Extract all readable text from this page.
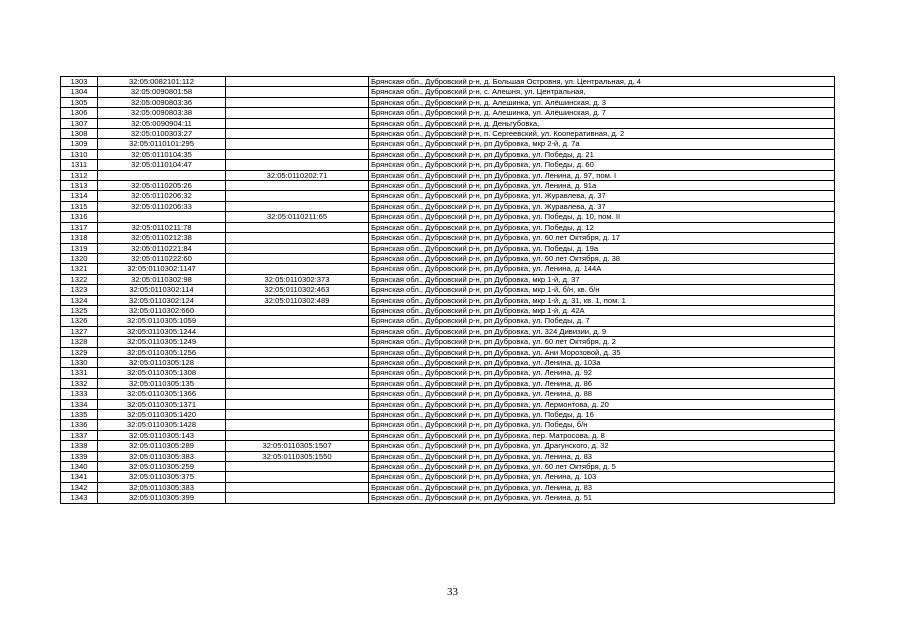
1303	32:05:0082101:112		Брянская обл., Дубровский р-н, д. Большая Островня, ул. Центральная, д. 4
1304	32:05:0090801:58		Брянская обл., Дубровский р-н, с. Алешня, ул. Центральная,
1305	32:05:0090803:36		Брянская обл., Дубровский р-н, д. Алешинка, ул. Алёшинская, д. 3
1306	32:05:0090803:38		Брянская обл., Дубровский р-н, д. Алешинка, ул. Алёшинская, д. 7
1307	32:05:0090904:11		Брянская обл., Дубровский р-н, д. Деньгубовка,
1308	32:05:0100303:27		Брянская обл., Дубровский р-н, п. Сергеевский, ул. Кооперативная, д. 2
1309	32:05:0110101:295		Брянская обл., Дубровский р-н, рп Дубровка, мкр 2-й, д. 7а
1310	32:05:0110104:35		Брянская обл., Дубровский р-н, рп Дубровка, ул. Победы, д. 21
1311	32:05:0110104:47		Брянская обл., Дубровский р-н, рп Дубровка, ул. Победы, д. 60
1312		32:05:0110202:71	Брянская обл., Дубровский р-н, рп Дубровка, ул. Ленина, д. 97, пом. I
1313	32:05:0110205:26		Брянская обл., Дубровский р-н, рп Дубровка, ул. Ленина, д. 91а
1314	32:05:0110206:32		Брянская обл., Дубровский р-н, рп Дубровка, ул. Журавлева, д. 37
1315	32:05:0110206:33		Брянская обл., Дубровский р-н, рп Дубровка, ул. Журавлева, д. 37
1316		32:05:0110211:65	Брянская обл., Дубровский р-н, рп Дубровка, ул. Победы, д. 10, пом. II
1317	32:05:0110211:78		Брянская обл., Дубровский р-н, рп Дубровка, ул. Победы, д. 12
1318	32:05:0110212:38		Брянская обл., Дубровский р-н, рп Дубровка, ул. 60 лет Октября, д. 17
1319	32:05:0110221:84		Брянская обл., Дубровский р-н, рп Дубровка, ул. Победы, д. 19а
1320	32:05:0110222:60		Брянская обл., Дубровский р-н, рп Дубровка, ул. 60 лет Октября, д. 38
1321	32:05:0110302:1147		Брянская обл., Дубровский р-н, рп Дубровка, ул. Ленина, д. 144А
1322	32:05:0110302:98	32:05:0110302:373	Брянская обл., Дубровский р-н, рп Дубровка, мкр 1-й, д. 37
1323	32:05:0110302:114	32:05:0110302:463	Брянская обл., Дубровский р-н, рп Дубровка, мкр 1-й, б/н, кв. б/н
1324	32:05:0110302:124	32:05:0110302:489	Брянская обл., Дубровский р-н, рп Дубровка, мкр 1-й, д. 31, кв. 1, пом. 1
1325	32:05:0110302:660		Брянская обл., Дубровский р-н, рп Дубровка, мкр 1-й, д. 42А
1326	32:05:0110305:1059		Брянская обл., Дубровский р-н, рп Дубровка, ул. Победы, д. 7
1327	32:05:0110305:1244		Брянская обл., Дубровский р-н, рп Дубровка, ул. 324 Дивизии, д. 9
1328	32:05:0110305:1249		Брянская обл., Дубровский р-н, рп Дубровка, ул. 60 лет Октября, д. 2
1329	32:05:0110305:1256		Брянская обл., Дубровский р-н, рп Дубровка, ул. Ани Морозовой, д. 35
1330	32:05:0110305:128		Брянская обл., Дубровский р-н, рп Дубровка, ул. Ленина, д. 103а
1331	32:05:0110305:1308		Брянская обл., Дубровский р-н, рп Дубровка, ул. Ленина, д. 92
1332	32:05:0110305:135		Брянская обл., Дубровский р-н, рп Дубровка, ул. Ленина, д. 86
1333	32:05:0110305:1366		Брянская обл., Дубровский р-н, рп Дубровка, ул. Ленина, д. 88
1334	32:05:0110305:1371		Брянская обл., Дубровский р-н, рп Дубровка, ул. Лермонтова, д. 20
1335	32:05:0110305:1420		Брянская обл., Дубровский р-н, рп Дубровка, ул. Победы, д. 16
1336	32:05:0110305:1428		Брянская обл., Дубровский р-н, рп Дубровка, ул. Победы, б/н
1337	32:05:0110305:143		Брянская обл., Дубровский р-н, рп Дубровка, пер. Матросова, д. 8
1338	32:05:0110305:289	32:05:0110305:1507	Брянская обл., Дубровский р-н, рп Дубровка, ул. Драгунского, д. 32
1339	32:05:0110305:383	32:05:0110305:1550	Брянская обл., Дубровский р-н, рп Дубровка, ул. Ленина, д. 83
1340	32:05:0110305:259		Брянская обл., Дубровский р-н, рп Дубровка, ул. 60 лет Октября, д. 5
1341	32:05:0110305:375		Брянская обл., Дубровский р-н, рп Дубровка, ул. Ленина, д. 103
1342	32:05:0110305:383		Брянская обл., Дубровский р-н, рп Дубровка, ул. Ленина, д. 83
1343	32:05:0110305:399		Брянская обл., Дубровский р-н, рп Дубровка, ул. Ленина, д. 51
33
